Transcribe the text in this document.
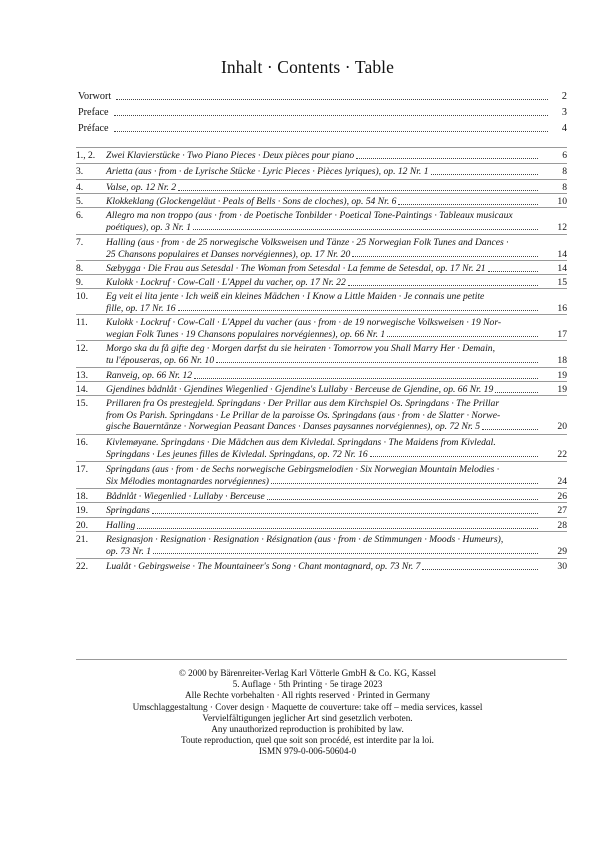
Inhalt · Contents · Table
Vorwort	2
Preface	3
Préface	4
1., 2. Zwei Klavierstücke · Two Piano Pieces · Deux pièces pour piano	6
3. Arietta (aus · from · de Lyrische Stücke · Lyric Pieces · Pièces lyriques), op. 12 Nr. 1	8
4. Valse, op. 12 Nr. 2	8
5. Klokkeklang (Glockengeläut · Peals of Bells · Sons de cloches), op. 54 Nr. 6	10
6. Allegro ma non troppo (aus · from · de Poetische Tonbilder · Poetical Tone-Paintings · Tableaux musicaux
poétiques), op. 3 Nr. 1	12
7. Halling (aus · from · de 25 norwegische Volksweisen und Tänze · 25 Norwegian Folk Tunes and Dances ·
25 Chansons populaires et Danses norvégiennes), op. 17 Nr. 20	14
8. Sæbygga · Die Frau aus Setesdal · The Woman from Setesdal · La femme de Setesdal, op. 17 Nr. 21	14
9. Kulokk · Lockruf · Cow-Call · L'Appel du vacher, op. 17 Nr. 22	15
10. Eg veit ei lita jente · Ich weiß ein kleines Mädchen · I Know a Little Maiden · Je connais une petite
fille, op. 17 Nr. 16	16
11. Kulokk · Lockruf · Cow-Call · L'Appel du vacher (aus · from · de 19 norwegische Volksweisen · 19 Nor-
wegian Folk Tunes · 19 Chansons populaires norvégiennes), op. 66 Nr. 1	17
12. Morgo ska du få gifte deg · Morgen darfst du sie heiraten · Tomorrow you Shall Marry Her · Demain,
tu l'épouseras, op. 66 Nr. 10	18
13. Ranveig, op. 66 Nr. 12	19
14. Gjendines bådnlåt · Gjendines Wiegenlied · Gjendine's Lullaby · Berceuse de Gjendine, op. 66 Nr. 19	19
15. Prillaren fra Os prestegjeld. Springdans · Der Prillar aus dem Kirchspiel Os. Springdans · The Prillar
from Os Parish. Springdans · Le Prillar de la paroisse Os. Springdans (aus · from · de Slatter · Norwe-
gische Bauerntänze · Norwegian Peasant Dances · Danses paysannes norvégiennes), op. 72 Nr. 5	20
16. Kivlemøyane. Springdans · Die Mädchen aus dem Kivledal. Springdans · The Maidens from Kivledal.
Springdans · Les jeunes filles de Kivledal. Springdans, op. 72 Nr. 16	22
17. Springdans (aus · from · de Sechs norwegische Gebirgsmelodien · Six Norwegian Mountain Melodies ·
Six Mélodies montagnardes norvégiennes)	24
18. Bådnlåt · Wiegenlied · Lullaby · Berceuse	26
19. Springdans	27
20. Halling	28
21. Resignasjon · Resignation · Resignation · Résignation (aus · from · de Stimmungen · Moods · Humeurs),
op. 73 Nr. 1	29
22. Lualåt · Gebirgsweise · The Mountaineer's Song · Chant montagnard, op. 73 Nr. 7	30
© 2000 by Bärenreiter-Verlag Karl Vötterle GmbH & Co. KG, Kassel
5. Auflage · 5th Printing · 5e tirage 2023
Alle Rechte vorbehalten · All rights reserved · Printed in Germany
Umschlaggestaltung · Cover design · Maquette de couverture: take off – media services, kassel
Vervielfältigungen jeglicher Art sind gesetzlich verboten.
Any unauthorized reproduction is prohibited by law.
Toute reproduction, quel que soit son procédé, est interdite par la loi.
ISMN 979-0-006-50604-0
